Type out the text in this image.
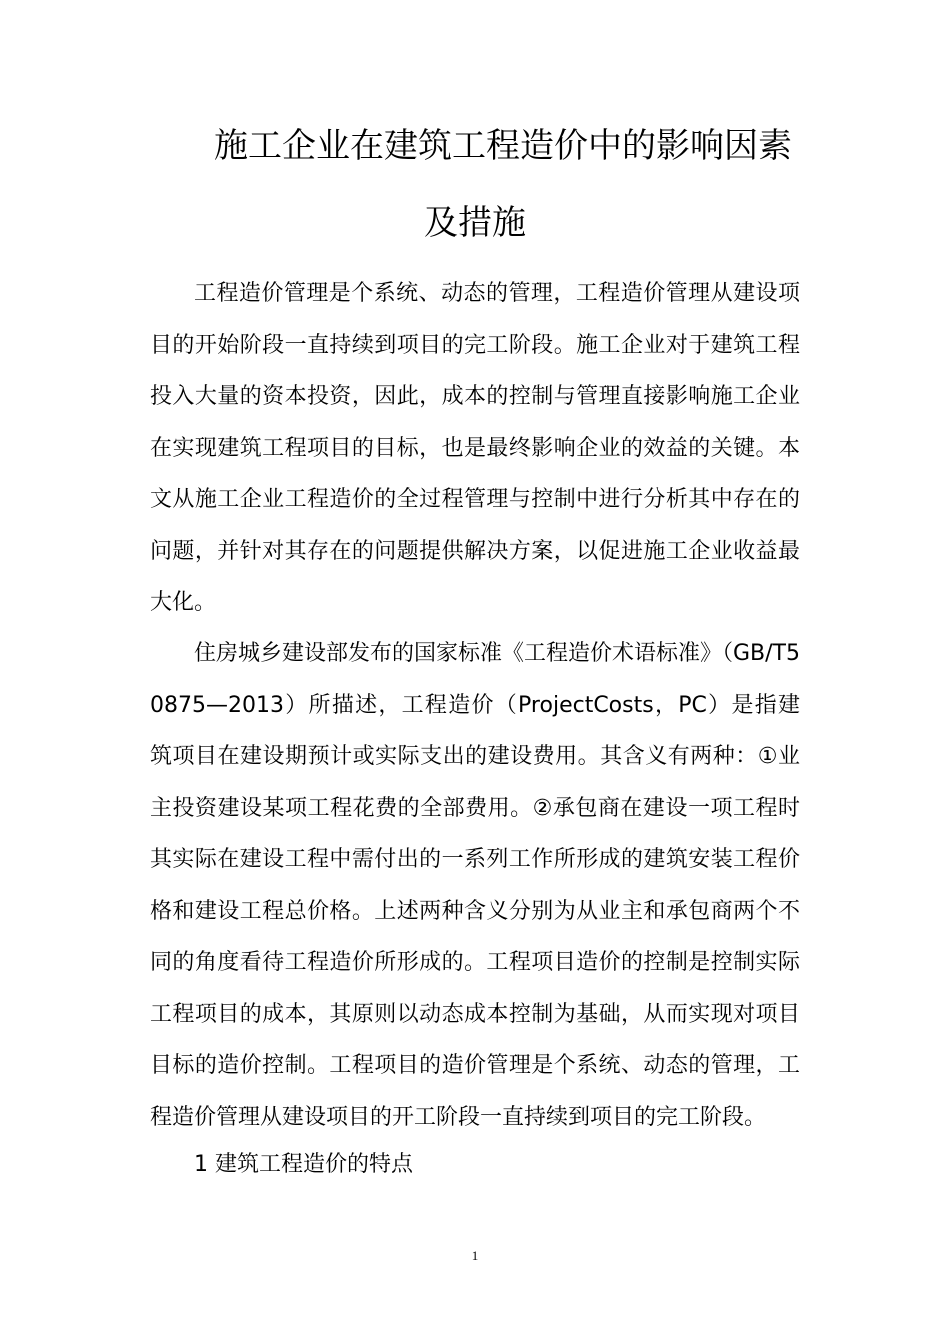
施工企业在建筑工程造价中的影响因素
及措施

工程造价管理是个系统、动态的管理，工程造价管理从建设项目的开始阶段一直持续到项目的完工阶段。施工企业对于建筑工程投入大量的资本投资，因此，成本的控制与管理直接影响施工企业在实现建筑工程项目的目标，也是最终影响企业的效益的关键。本文从施工企业工程造价的全过程管理与控制中进行分析其中存在的问题，并针对其存在的问题提供解决方案，以促进施工企业收益最大化。

住房城乡建设部发布的国家标准《工程造价术语标准》（GB/T50875—2013）所描述，工程造价（ProjectCosts，PC）是指建筑项目在建设期预计或实际支出的建设费用。其含义有两种：①业主投资建设某项工程花费的全部费用。②承包商在建设一项工程时其实际在建设工程中需付出的一系列工作所形成的建筑安装工程价格和建设工程总价格。上述两种含义分别为从业主和承包商两个不同的角度看待工程造价所形成的。工程项目造价的控制是控制实际工程项目的成本，其原则以动态成本控制为基础，从而实现对项目目标的造价控制。工程项目的造价管理是个系统、动态的管理，工程造价管理从建设项目的开工阶段一直持续到项目的完工阶段。

1 建筑工程造价的特点
1
